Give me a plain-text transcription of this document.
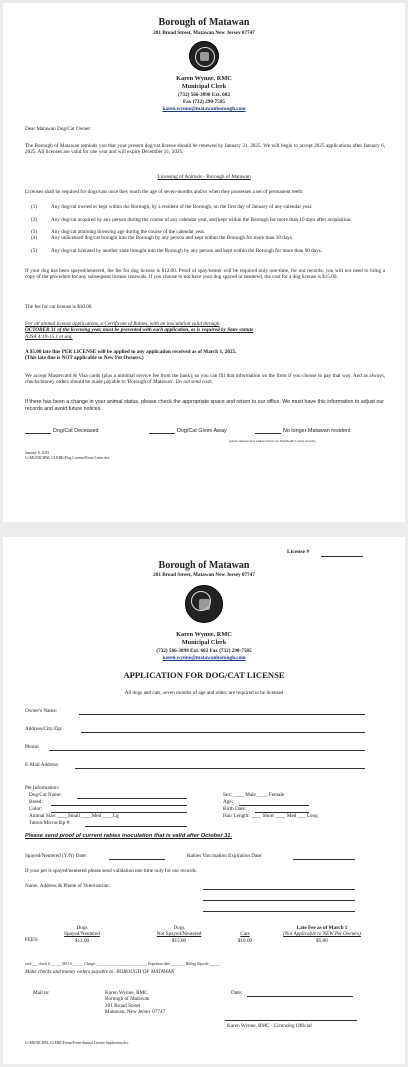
Borough of Matawan
201 Broad Street, Matawan New Jersey 07747
Karen Wynne, RMC
Municipal Clerk
(732) 566-3898 Ext. 602
Fax (732) 290-7585
karen.wynne@matawanborough.com
Dear Matawan Dog/Cat Owner:
The Borough of Matawan reminds you that your present dog/cat license should be renewed by January 31, 2025. We will begin to accept 2025 applications after January 6, 2025. All licenses are valid for one year and will expire December 31, 2025.
Licensing of Animals - Borough of Matawan
Licenses shall be required for dogs/cats once they reach the age of seven-months and/or when they possesses a set of permanent teeth:
(1)	Any dog/cat owned or kept within the Borough, by a resident of the Borough, on the first day of January of any calendar year.
(2)	Any dog/cat acquired by any person during the course of any calendar year, and kept within the Borough for more than 10 days after acquisition.
(3)	Any dog/cat attaining licensing age during the course of the calendar year.
(4)	Any unlicensed dog/cat brought into the Borough by any person and kept within the Borough for more than 10 days.
(5)	Any dog/cat licensed by another state brought into the Borough by any person and kept within the Borough for more than 90 days.
If your dog has been spayed/neutered, the fee for dog license is $12.00. Proof of spay/neuter will be required only one-time, for our records; you will not need to bring a copy of the procedure for any subsequent license renewals. If you choose to not have your dog spayed or neutered, the cost for a dog license is $15.00.
The fee for cat license is $10.00.
For all animal license applications, a Certificate of Rabies, with an inoculation valid through
OCTOBER 31 of the licensing year, must be presented with each application, as is required by State statute
NJSA 4:19-15.1 et seq.
A $5.00 late fine PER LICENSE will be applied to any application received as of March 1, 2025.
(This late fine is NOT applicable to New Pet Owners.)
We accept Mastercard & Visa cards (plus a minimal service fee from the bank), so you can fill that information on the form if you choose to pay that way. And as always, checks/money orders should be made payable to 'Borough of Matawan'. Do not send cash.
If there has been a change in your animal status, please check the appropriate space and return to our office. We must have this information to adjust our records and avoid future notices.
Dog/Cat Deceased	Dog/Cat Given Away	No longer Matawan resident
(please indicate new address below, for Monmouth County records)
January 6, 2025
G:\MUNICIPAL CLERK\Dog License\Form Letter.doc
License #
Borough of Matawan
201 Broad Street, Matawan New Jersey 07747
Karen Wynne, RMC
Municipal Clerk
(732) 566-3898 Ext. 602 Fax (732) 290-7585
karen.wynne@matawanborough.com
APPLICATION FOR DOG/CAT LICENSE
All dogs and cats, seven months of age and older, are required to be licensed
Owner's Name:
Address/City/Zip:
Phone:
E-Mail Address:
Pet Information:
Dog/Cat Name:
Breed:
Color:
Animal Size: ____Small ____Med ____Lg
Tattoo/Microchip #:
Sex: ____ Male ____ Female
Age:
Birth Date:
Hair Length: ____ Short ____ Med ___ Long
Please send proof of current rabies inoculation that is valid after October 31.
Spayed/Neutered (Y/N) Date:	Rabies Vaccination Expiration Date:
If your pet is spayed/neutered please send validation one time only for our records.
Name, Address & Phone of Veterinarian:
FEES:
Dogs
Spayed/Neutered
$12.00
Dogs
Not Spayed/Neutered
$15.00
Cats
$10.00
Late Fee as of March 1
(Not Applicable to NEW Pet Owners)
$5.00
cash ___ check # ______ M/O # ______ Charge: ____________________________ Expiration date ________ Billing Zipcode ______
Make checks and money orders payable to: BOROUGH OF MATAWAN
Mail to:	Karen Wynne, RMC
Borough of Matawan
201 Broad Street
Matawan, New Jersey 07747
Date:
Karen Wynne, RMC - Licensing Official
G:\MUNICIPAL CLERK\Forms\Form-Animal License Application.doc
